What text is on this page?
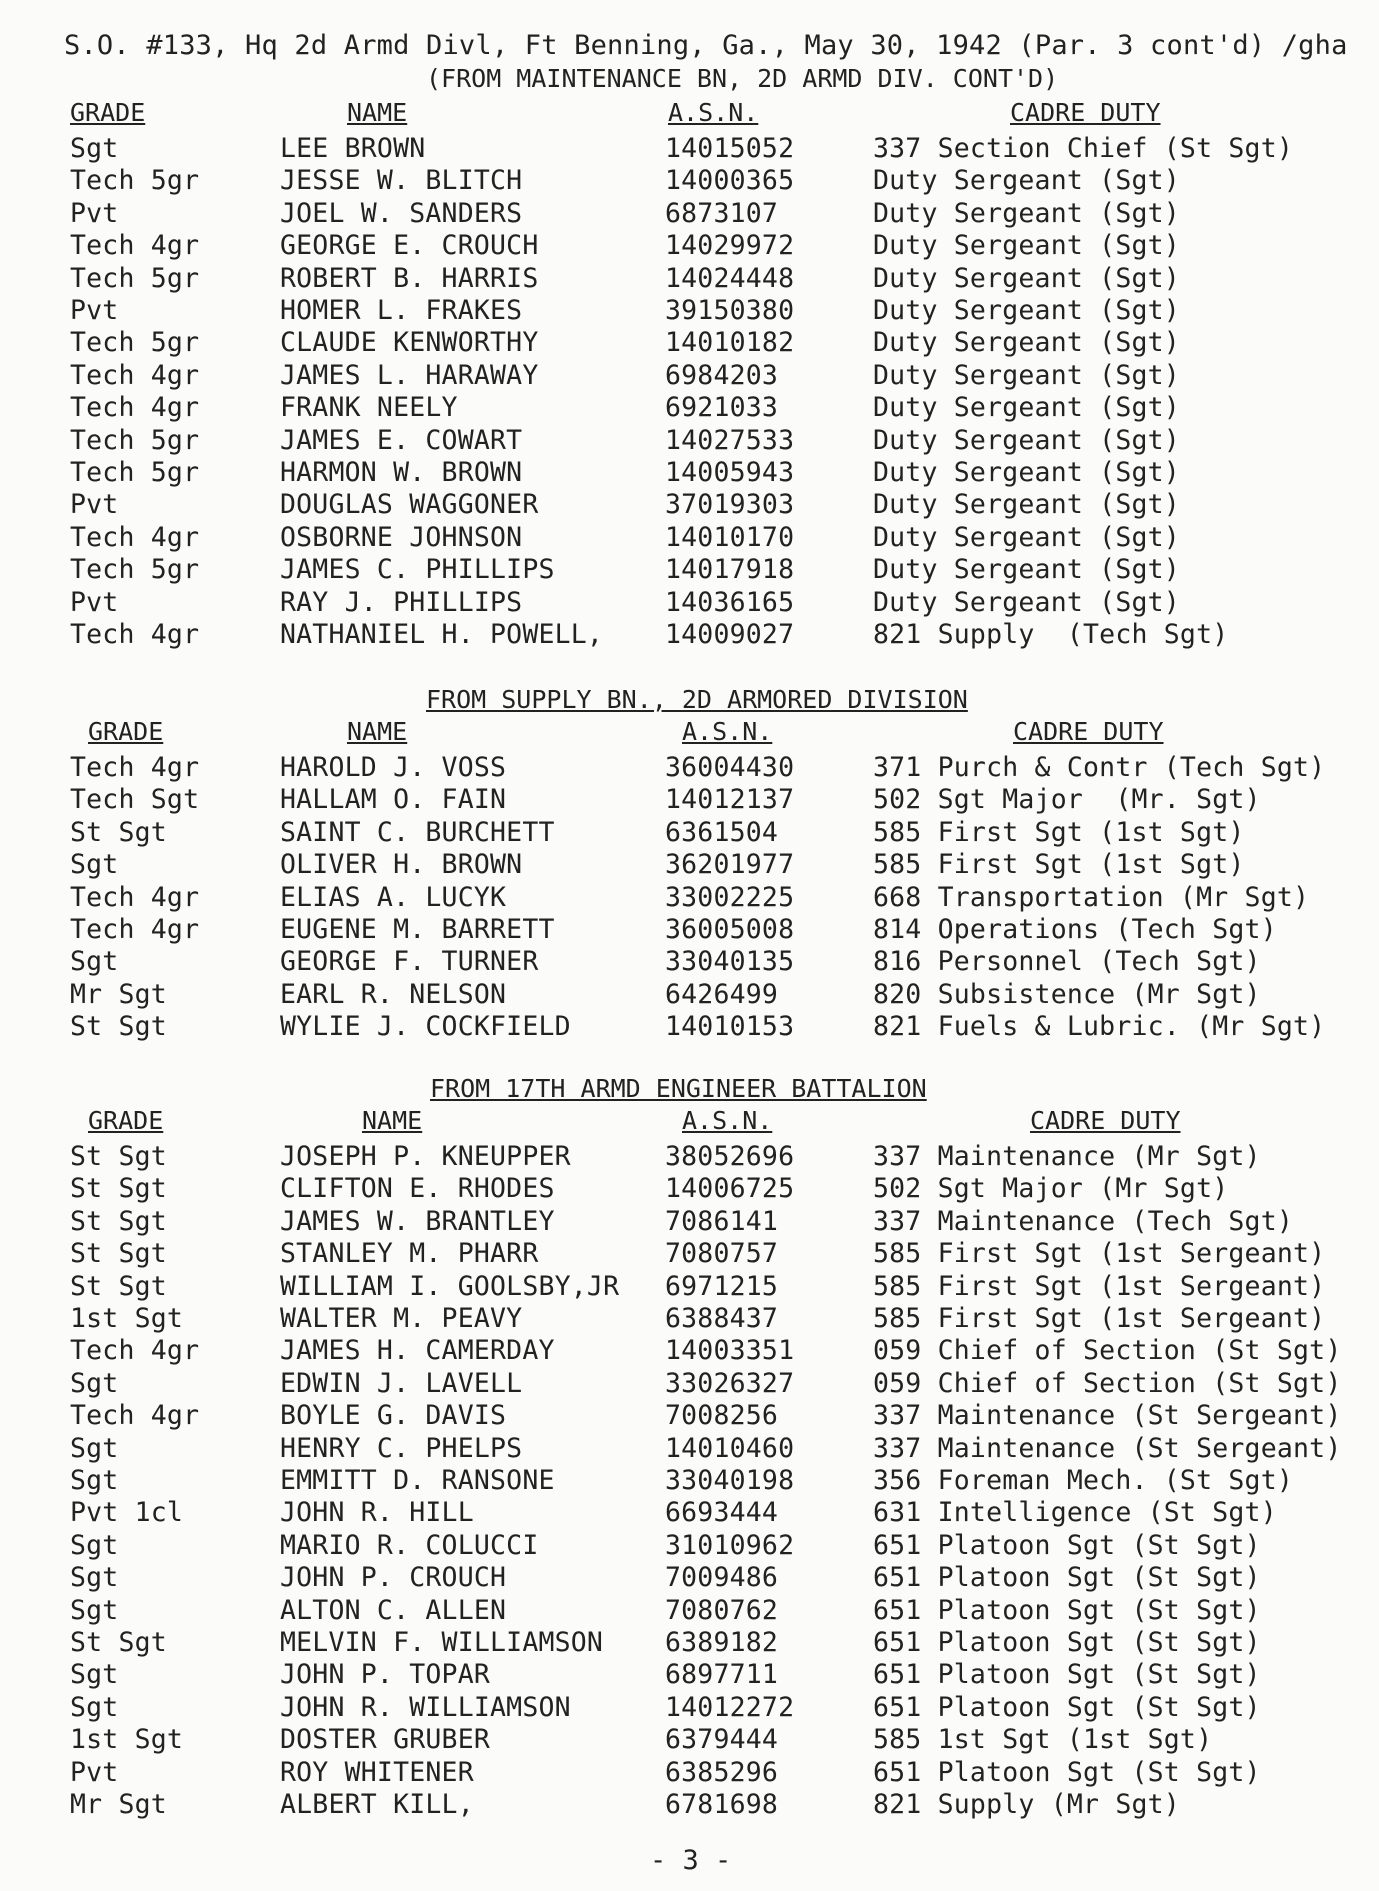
S.O. #133, Hq 2d Armd Divl, Ft Benning, Ga., May 30, 1942 (Par. 3 cont'd) /gha
(FROM MAINTENANCE BN, 2D ARMD DIV. CONT'D)
GRADE	NAME	A.S.N.	CADRE DUTY
Sgt	LEE BROWN	14015052	337 Section Chief (St Sgt)
Tech 5gr	JESSE W. BLITCH	14000365	Duty Sergeant (Sgt)
Pvt	JOEL W. SANDERS	6873107	Duty Sergeant (Sgt)
Tech 4gr	GEORGE E. CROUCH	14029972	Duty Sergeant (Sgt)
Tech 5gr	ROBERT B. HARRIS	14024448	Duty Sergeant (Sgt)
Pvt	HOMER L. FRAKES	39150380	Duty Sergeant (Sgt)
Tech 5gr	CLAUDE KENWORTHY	14010182	Duty Sergeant (Sgt)
Tech 4gr	JAMES L. HARAWAY	6984203	Duty Sergeant (Sgt)
Tech 4gr	FRANK NEELY	6921033	Duty Sergeant (Sgt)
Tech 5gr	JAMES E. COWART	14027533	Duty Sergeant (Sgt)
Tech 5gr	HARMON W. BROWN	14005943	Duty Sergeant (Sgt)
Pvt	DOUGLAS WAGGONER	37019303	Duty Sergeant (Sgt)
Tech 4gr	OSBORNE JOHNSON	14010170	Duty Sergeant (Sgt)
Tech 5gr	JAMES C. PHILLIPS	14017918	Duty Sergeant (Sgt)
Pvt	RAY J. PHILLIPS	14036165	Duty Sergeant (Sgt)
Tech 4gr	NATHANIEL H. POWELL, 14009027	821 Supply  (Tech Sgt)
FROM SUPPLY BN., 2D ARMORED DIVISION
GRADE	NAME	A.S.N.	CADRE DUTY
Tech 4gr	HAROLD J. VOSS	36004430	371 Purch & Contr (Tech Sgt)
Tech Sgt	HALLAM O. FAIN	14012137	502 Sgt Major  (Mr. Sgt)
St Sgt	SAINT C. BURCHETT	6361504	585 First Sgt (1st Sgt)
Sgt	OLIVER H. BROWN	36201977	585 First Sgt (1st Sgt)
Tech 4gr	ELIAS A. LUCYK	33002225	668 Transportation (Mr Sgt)
Tech 4gr	EUGENE M. BARRETT	36005008	814 Operations (Tech Sgt)
Sgt	GEORGE F. TURNER	33040135	816 Personnel (Tech Sgt)
Mr Sgt	EARL R. NELSON	6426499	820 Subsistence (Mr Sgt)
St Sgt	WYLIE J. COCKFIELD	14010153	821 Fuels & Lubric. (Mr Sgt)
FROM 17TH ARMD ENGINEER BATTALION
GRADE	NAME	A.S.N.	CADRE DUTY
St Sgt	JOSEPH P. KNEUPPER	38052696	337 Maintenance (Mr Sgt)
St Sgt	CLIFTON E. RHODES	14006725	502 Sgt Major (Mr Sgt)
St Sgt	JAMES W. BRANTLEY	7086141	337 Maintenance (Tech Sgt)
St Sgt	STANLEY M. PHARR	7080757	585 First Sgt (1st Sergeant)
St Sgt	WILLIAM I. GOOLSBY,JR 6971215	585 First Sgt (1st Sergeant)
1st Sgt	WALTER M. PEAVY	6388437	585 First Sgt (1st Sergeant)
Tech 4gr	JAMES H. CAMERDAY	14003351	059 Chief of Section (St Sgt)
Sgt	EDWIN J. LAVELL	33026327	059 Chief of Section (St Sgt)
Tech 4gr	BOYLE G. DAVIS	7008256	337 Maintenance (St Sergeant)
Sgt	HENRY C. PHELPS	14010460	337 Maintenance (St Sergeant)
Sgt	EMMITT D. RANSONE	33040198	356 Foreman Mech. (St Sgt)
Pvt 1cl	JOHN R. HILL	6693444	631 Intelligence (St Sgt)
Sgt	MARIO R. COLUCCI	31010962	651 Platoon Sgt (St Sgt)
Sgt	JOHN P. CROUCH	7009486	651 Platoon Sgt (St Sgt)
Sgt	ALTON C. ALLEN	7080762	651 Platoon Sgt (St Sgt)
St Sgt	MELVIN F. WILLIAMSON 6389182	651 Platoon Sgt (St Sgt)
Sgt	JOHN P. TOPAR	6897711	651 Platoon Sgt (St Sgt)
Sgt	JOHN R. WILLIAMSON	14012272	651 Platoon Sgt (St Sgt)
1st Sgt	DOSTER GRUBER	6379444	585 1st Sgt (1st Sgt)
Pvt	ROY WHITENER	6385296	651 Platoon Sgt (St Sgt)
Mr Sgt	ALBERT KILL,	6781698	821 Supply (Mr Sgt)
- 3 -
